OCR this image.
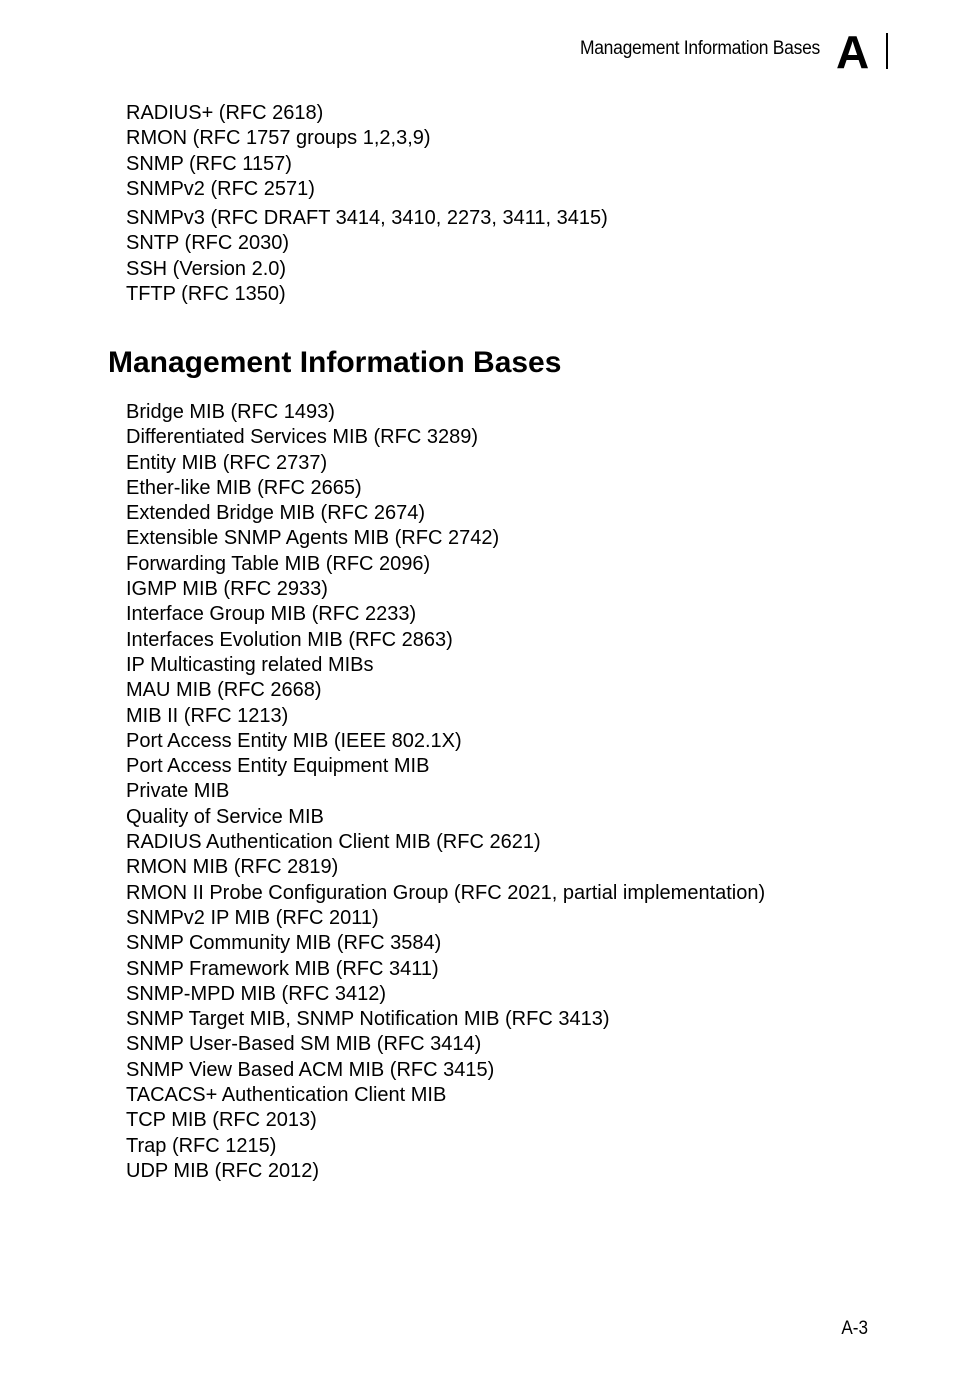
Management Information Bases A
RADIUS+ (RFC 2618)
RMON (RFC 1757 groups 1,2,3,9)
SNMP (RFC 1157)
SNMPv2 (RFC 2571)
SNMPv3 (RFC DRAFT 3414, 3410, 2273, 3411, 3415)
SNTP (RFC 2030)
SSH (Version 2.0)
TFTP (RFC 1350)
Management Information Bases
Bridge MIB (RFC 1493)
Differentiated Services MIB (RFC 3289)
Entity MIB (RFC 2737)
Ether-like MIB (RFC 2665)
Extended Bridge MIB (RFC 2674)
Extensible SNMP Agents MIB (RFC 2742)
Forwarding Table MIB (RFC 2096)
IGMP MIB (RFC 2933)
Interface Group MIB (RFC 2233)
Interfaces Evolution MIB (RFC 2863)
IP Multicasting related MIBs
MAU MIB (RFC 2668)
MIB II (RFC 1213)
Port Access Entity MIB (IEEE 802.1X)
Port Access Entity Equipment MIB
Private MIB
Quality of Service MIB
RADIUS Authentication Client MIB (RFC 2621)
RMON MIB (RFC 2819)
RMON II Probe Configuration Group (RFC 2021, partial implementation)
SNMPv2 IP MIB (RFC 2011)
SNMP Community MIB (RFC 3584)
SNMP Framework MIB (RFC 3411)
SNMP-MPD MIB (RFC 3412)
SNMP Target MIB, SNMP Notification MIB (RFC 3413)
SNMP User-Based SM MIB (RFC 3414)
SNMP View Based ACM MIB (RFC 3415)
TACACS+ Authentication Client MIB
TCP MIB (RFC 2013)
Trap (RFC 1215)
UDP MIB (RFC 2012)
A-3
